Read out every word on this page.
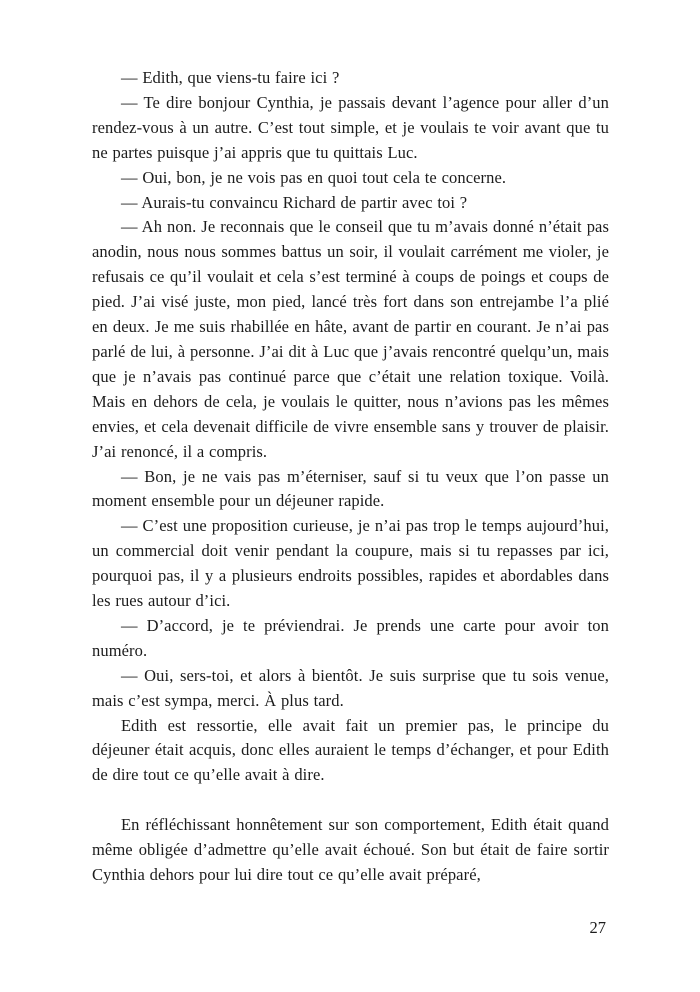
— Edith, que viens-tu faire ici ?

— Te dire bonjour Cynthia, je passais devant l’agence pour aller d’un rendez-vous à un autre. C’est tout simple, et je voulais te voir avant que tu ne partes puisque j’ai appris que tu quittais Luc.

— Oui, bon, je ne vois pas en quoi tout cela te concerne.

— Aurais-tu convaincu Richard de partir avec toi ?

— Ah non. Je reconnais que le conseil que tu m’avais donné n’était pas anodin, nous nous sommes battus un soir, il voulait carrément me violer, je refusais ce qu’il voulait et cela s’est terminé à coups de poings et coups de pied. J’ai visé juste, mon pied, lancé très fort dans son entrejambe l’a plié en deux. Je me suis rhabillée en hâte, avant de partir en courant. Je n’ai pas parlé de lui, à personne. J’ai dit à Luc que j’avais rencontré quelqu’un, mais que je n’avais pas continué parce que c’était une relation toxique. Voilà. Mais en dehors de cela, je voulais le quitter, nous n’avions pas les mêmes envies, et cela devenait difficile de vivre ensemble sans y trouver de plaisir. J’ai renoncé, il a compris.

— Bon, je ne vais pas m’éterniser, sauf si tu veux que l’on passe un moment ensemble pour un déjeuner rapide.

— C’est une proposition curieuse, je n’ai pas trop le temps aujourd’hui, un commercial doit venir pendant la coupure, mais si tu repasses par ici, pourquoi pas, il y a plusieurs endroits possibles, rapides et abordables dans les rues autour d’ici.

— D’accord, je te préviendrai. Je prends une carte pour avoir ton numéro.

— Oui, sers-toi, et alors à bientôt. Je suis surprise que tu sois venue, mais c’est sympa, merci. À plus tard.

Edith est ressortie, elle avait fait un premier pas, le principe du déjeuner était acquis, donc elles auraient le temps d’échanger, et pour Edith de dire tout ce qu’elle avait à dire.

En réfléchissant honnêtement sur son comportement, Edith était quand même obligée d’admettre qu’elle avait échoué. Son but était de faire sortir Cynthia dehors pour lui dire tout ce qu’elle avait préparé,

27
